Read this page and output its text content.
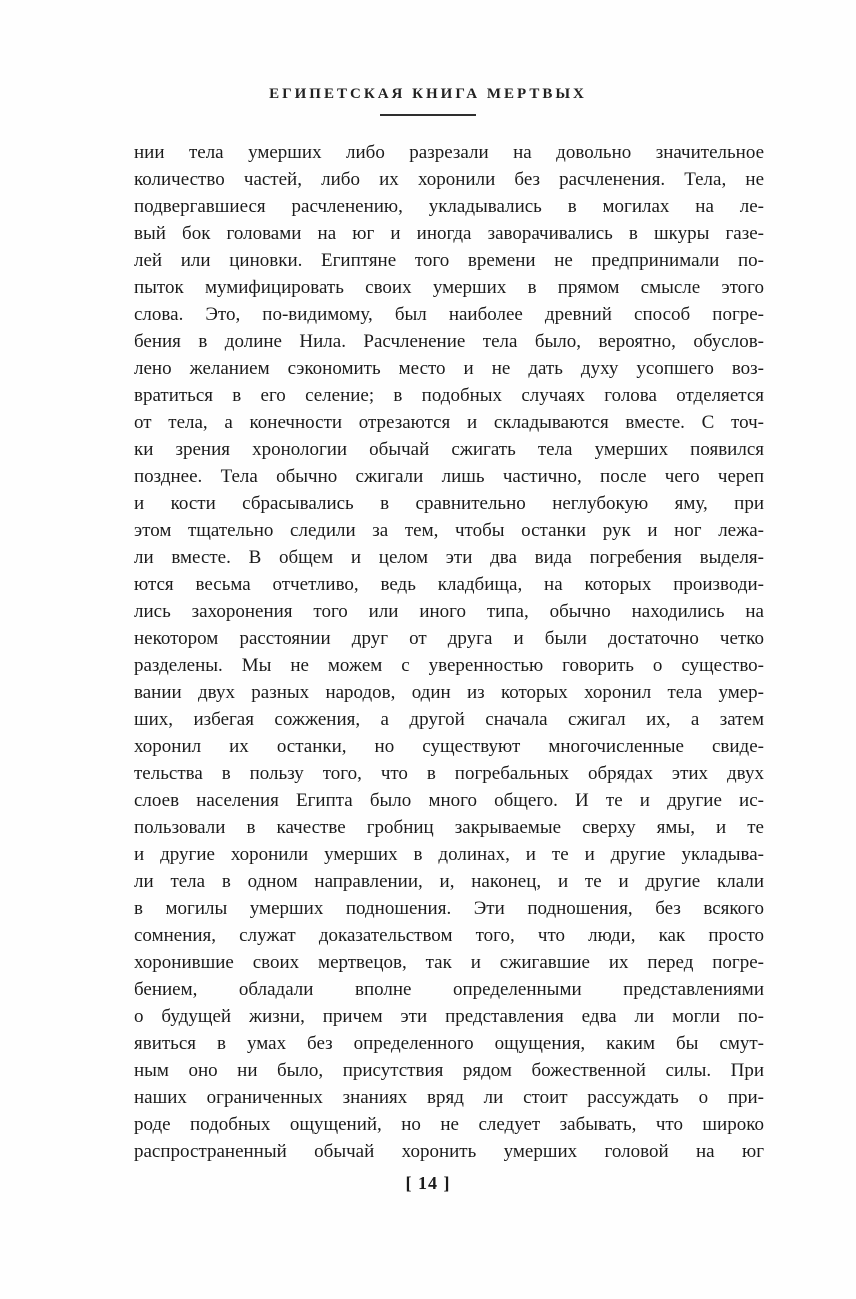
ЕГИПЕТСКАЯ КНИГА МЕРТВЫХ
нии тела умерших либо разрезали на довольно значительное
количество частей, либо их хоронили без расчленения. Тела, не
подвергавшиеся расчленению, укладывались в могилах на ле-
вый бок головами на юг и иногда заворачивались в шкуры газе-
лей или циновки. Египтяне того времени не предпринимали по-
пыток мумифицировать своих умерших в прямом смысле этого
слова. Это, по-видимому, был наиболее древний способ погре-
бения в долине Нила. Расчленение тела было, вероятно, обуслов-
лено желанием сэкономить место и не дать духу усопшего воз-
вратиться в его селение; в подобных случаях голова отделяется
от тела, а конечности отрезаются и складываются вместе. С точ-
ки зрения хронологии обычай сжигать тела умерших появился
позднее. Тела обычно сжигали лишь частично, после чего череп
и кости сбрасывались в сравнительно неглубокую яму, при
этом тщательно следили за тем, чтобы останки рук и ног лежа-
ли вместе. В общем и целом эти два вида погребения выделя-
ются весьма отчетливо, ведь кладбища, на которых производи-
лись захоронения того или иного типа, обычно находились на
некотором расстоянии друг от друга и были достаточно четко
разделены. Мы не можем с уверенностью говорить о существо-
вании двух разных народов, один из которых хоронил тела умер-
ших, избегая сожжения, а другой сначала сжигал их, а затем
хоронил их останки, но существуют многочисленные свиде-
тельства в пользу того, что в погребальных обрядах этих двух
слоев населения Египта было много общего. И те и другие ис-
пользовали в качестве гробниц закрываемые сверху ямы, и те
и другие хоронили умерших в долинах, и те и другие укладыва-
ли тела в одном направлении, и, наконец, и те и другие клали
в могилы умерших подношения. Эти подношения, без всякого
сомнения, служат доказательством того, что люди, как просто
хоронившие своих мертвецов, так и сжигавшие их перед погре-
бением, обладали вполне определенными представлениями
о будущей жизни, причем эти представления едва ли могли по-
явиться в умах без определенного ощущения, каким бы смут-
ным оно ни было, присутствия рядом божественной силы. При
наших ограниченных знаниях вряд ли стоит рассуждать о при-
роде подобных ощущений, но не следует забывать, что широко
распространенный обычай хоронить умерших головой на юг
[ 14 ]
